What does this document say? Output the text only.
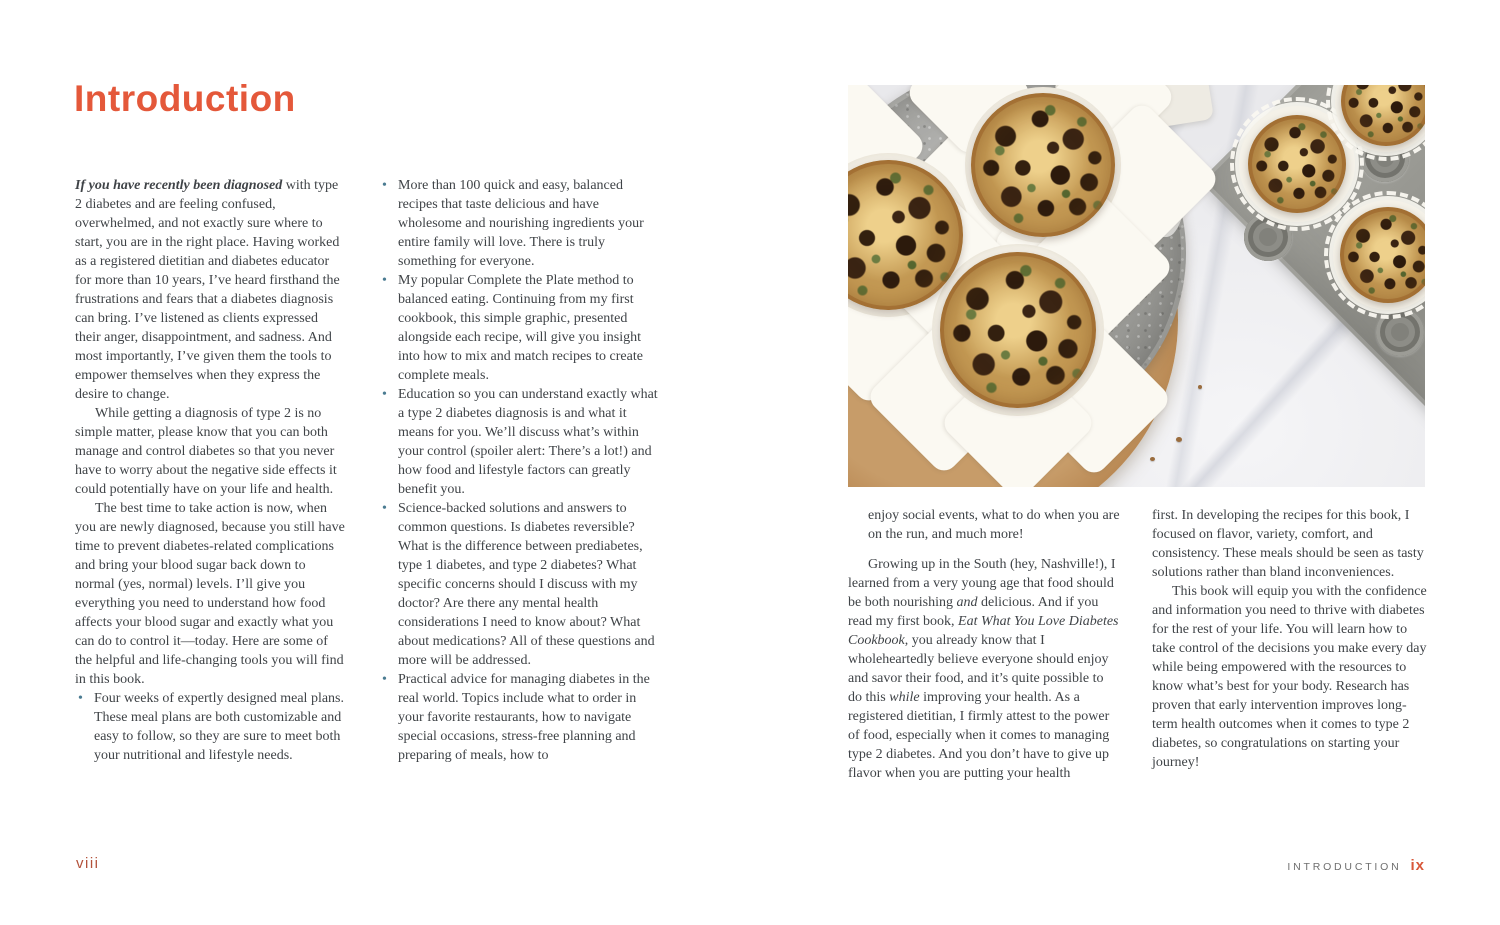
Introduction

If you have recently been diagnosed with type 2 diabetes and are feeling confused, overwhelmed, and not exactly sure where to start, you are in the right place. Having worked as a registered dietitian and diabetes educator for more than 10 years, I’ve heard firsthand the frustrations and fears that a diabetes diagnosis can bring. I’ve listened as clients expressed their anger, disappointment, and sadness. And most importantly, I’ve given them the tools to empower themselves when they express the desire to change.

While getting a diagnosis of type 2 is no simple matter, please know that you can both manage and control diabetes so that you never have to worry about the negative side effects it could potentially have on your life and health.

The best time to take action is now, when you are newly diagnosed, because you still have time to prevent diabetes-related complications and bring your blood sugar back down to normal (yes, normal) levels. I’ll give you everything you need to understand how food affects your blood sugar and exactly what you can do to control it—today. Here are some of the helpful and life-changing tools you will find in this book.

• Four weeks of expertly designed meal plans. These meal plans are both customizable and easy to follow, so they are sure to meet both your nutritional and lifestyle needs.
• More than 100 quick and easy, balanced recipes that taste delicious and have wholesome and nourishing ingredients your entire family will love. There is truly something for everyone.
• My popular Complete the Plate method to balanced eating. Continuing from my first cookbook, this simple graphic, presented alongside each recipe, will give you insight into how to mix and match recipes to create complete meals.
• Education so you can understand exactly what a type 2 diabetes diagnosis is and what it means for you. We’ll discuss what’s within your control (spoiler alert: There’s a lot!) and how food and lifestyle factors can greatly benefit you.
• Science-backed solutions and answers to common questions. Is diabetes reversible? What is the difference between prediabetes, type 1 diabetes, and type 2 diabetes? What specific concerns should I discuss with my doctor? Are there any mental health considerations I need to know about? What about medications? All of these questions and more will be addressed.
• Practical advice for managing diabetes in the real world. Topics include what to order in your favorite restaurants, how to navigate special occasions, stress-free planning and preparing of meals, how to
viii

enjoy social events, what to do when you are on the run, and much more!

Growing up in the South (hey, Nashville!), I learned from a very young age that food should be both nourishing and delicious. And if you read my first book, Eat What You Love Diabetes Cookbook, you already know that I wholeheartedly believe everyone should enjoy and savor their food, and it’s quite possible to do this while improving your health. As a registered dietitian, I firmly attest to the power of food, especially when it comes to managing type 2 diabetes. And you don’t have to give up flavor when you are putting your health

first. In developing the recipes for this book, I focused on flavor, variety, comfort, and consistency. These meals should be seen as tasty solutions rather than bland inconveniences.

This book will equip you with the confidence and information you need to thrive with diabetes for the rest of your life. You will learn how to take control of the decisions you make every day while being empowered with the resources to know what’s best for your body. Research has proven that early intervention improves long-term health outcomes when it comes to type 2 diabetes, so congratulations on starting your journey!

INTRODUCTION ix
